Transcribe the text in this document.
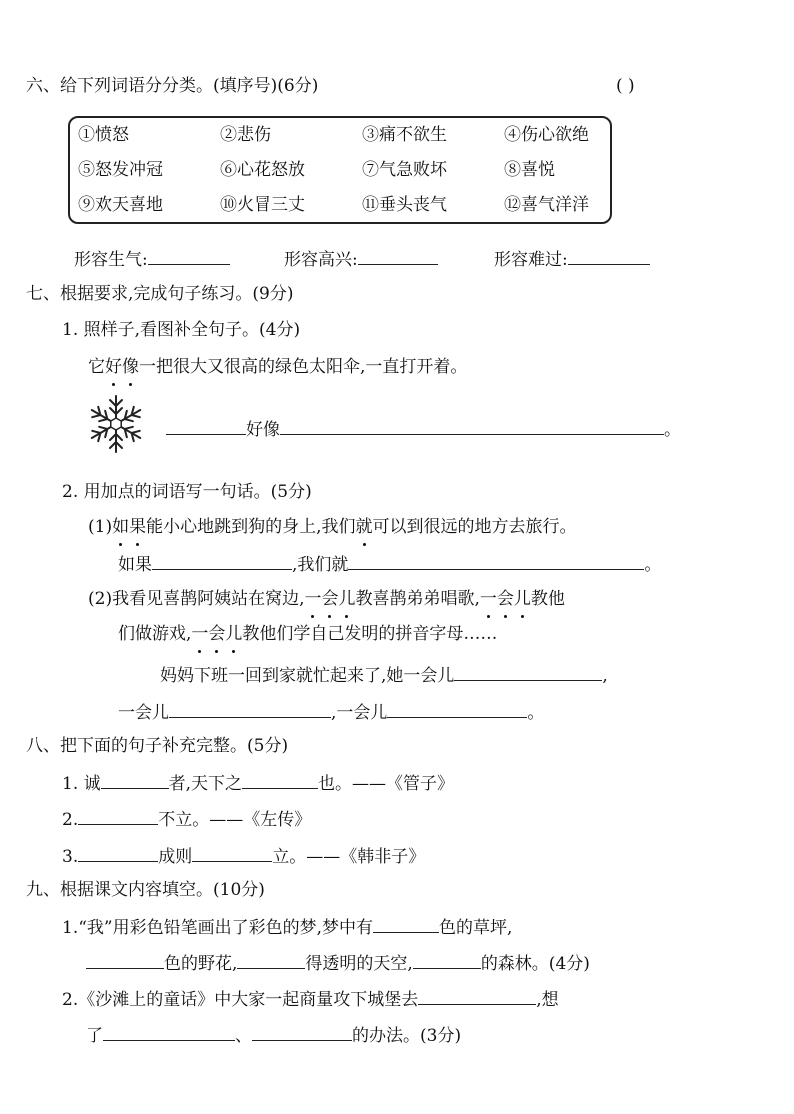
六、给下列词语分分类。(填序号)(6分)	( )
①愤怒	②悲伤	③痛不欲生	④伤心欲绝
⑤怒发冲冠	⑥心花怒放	⑦气急败坏	⑧喜悦
⑨欢天喜地	⑩火冒三丈	⑪垂头丧气	⑫喜气洋洋
形容生气:	形容高兴:	形容难过:
七、根据要求,完成句子练习。(9分)
1. 照样子,看图补全句子。(4分)
它好像一把很大又很高的绿色太阳伞,一直打开着。
好像	。
2. 用加点的词语写一句话。(5分)
(1)如果能小心地跳到狗的身上,我们就可以到很远的地方去旅行。
如果	,我们就	。
(2)我看见喜鹊阿姨站在窝边,一会儿教喜鹊弟弟唱歌,一会儿教他
们做游戏,一会儿教他们学自己发明的拼音字母……
妈妈下班一回到家就忙起来了,她一会儿	,
一会儿	,一会儿	。
八、把下面的句子补充完整。(5分)
1. 诚	者,天下之	也。——《管子》
2.	不立。——《左传》
3.	成则	立。——《韩非子》
九、根据课文内容填空。(10分)
1.“我”用彩色铅笔画出了彩色的梦,梦中有	色的草坪,
色的野花,	得透明的天空,	的森林。(4分)
2.《沙滩上的童话》中大家一起商量攻下城堡去	,想
了	、	的办法。(3分)
